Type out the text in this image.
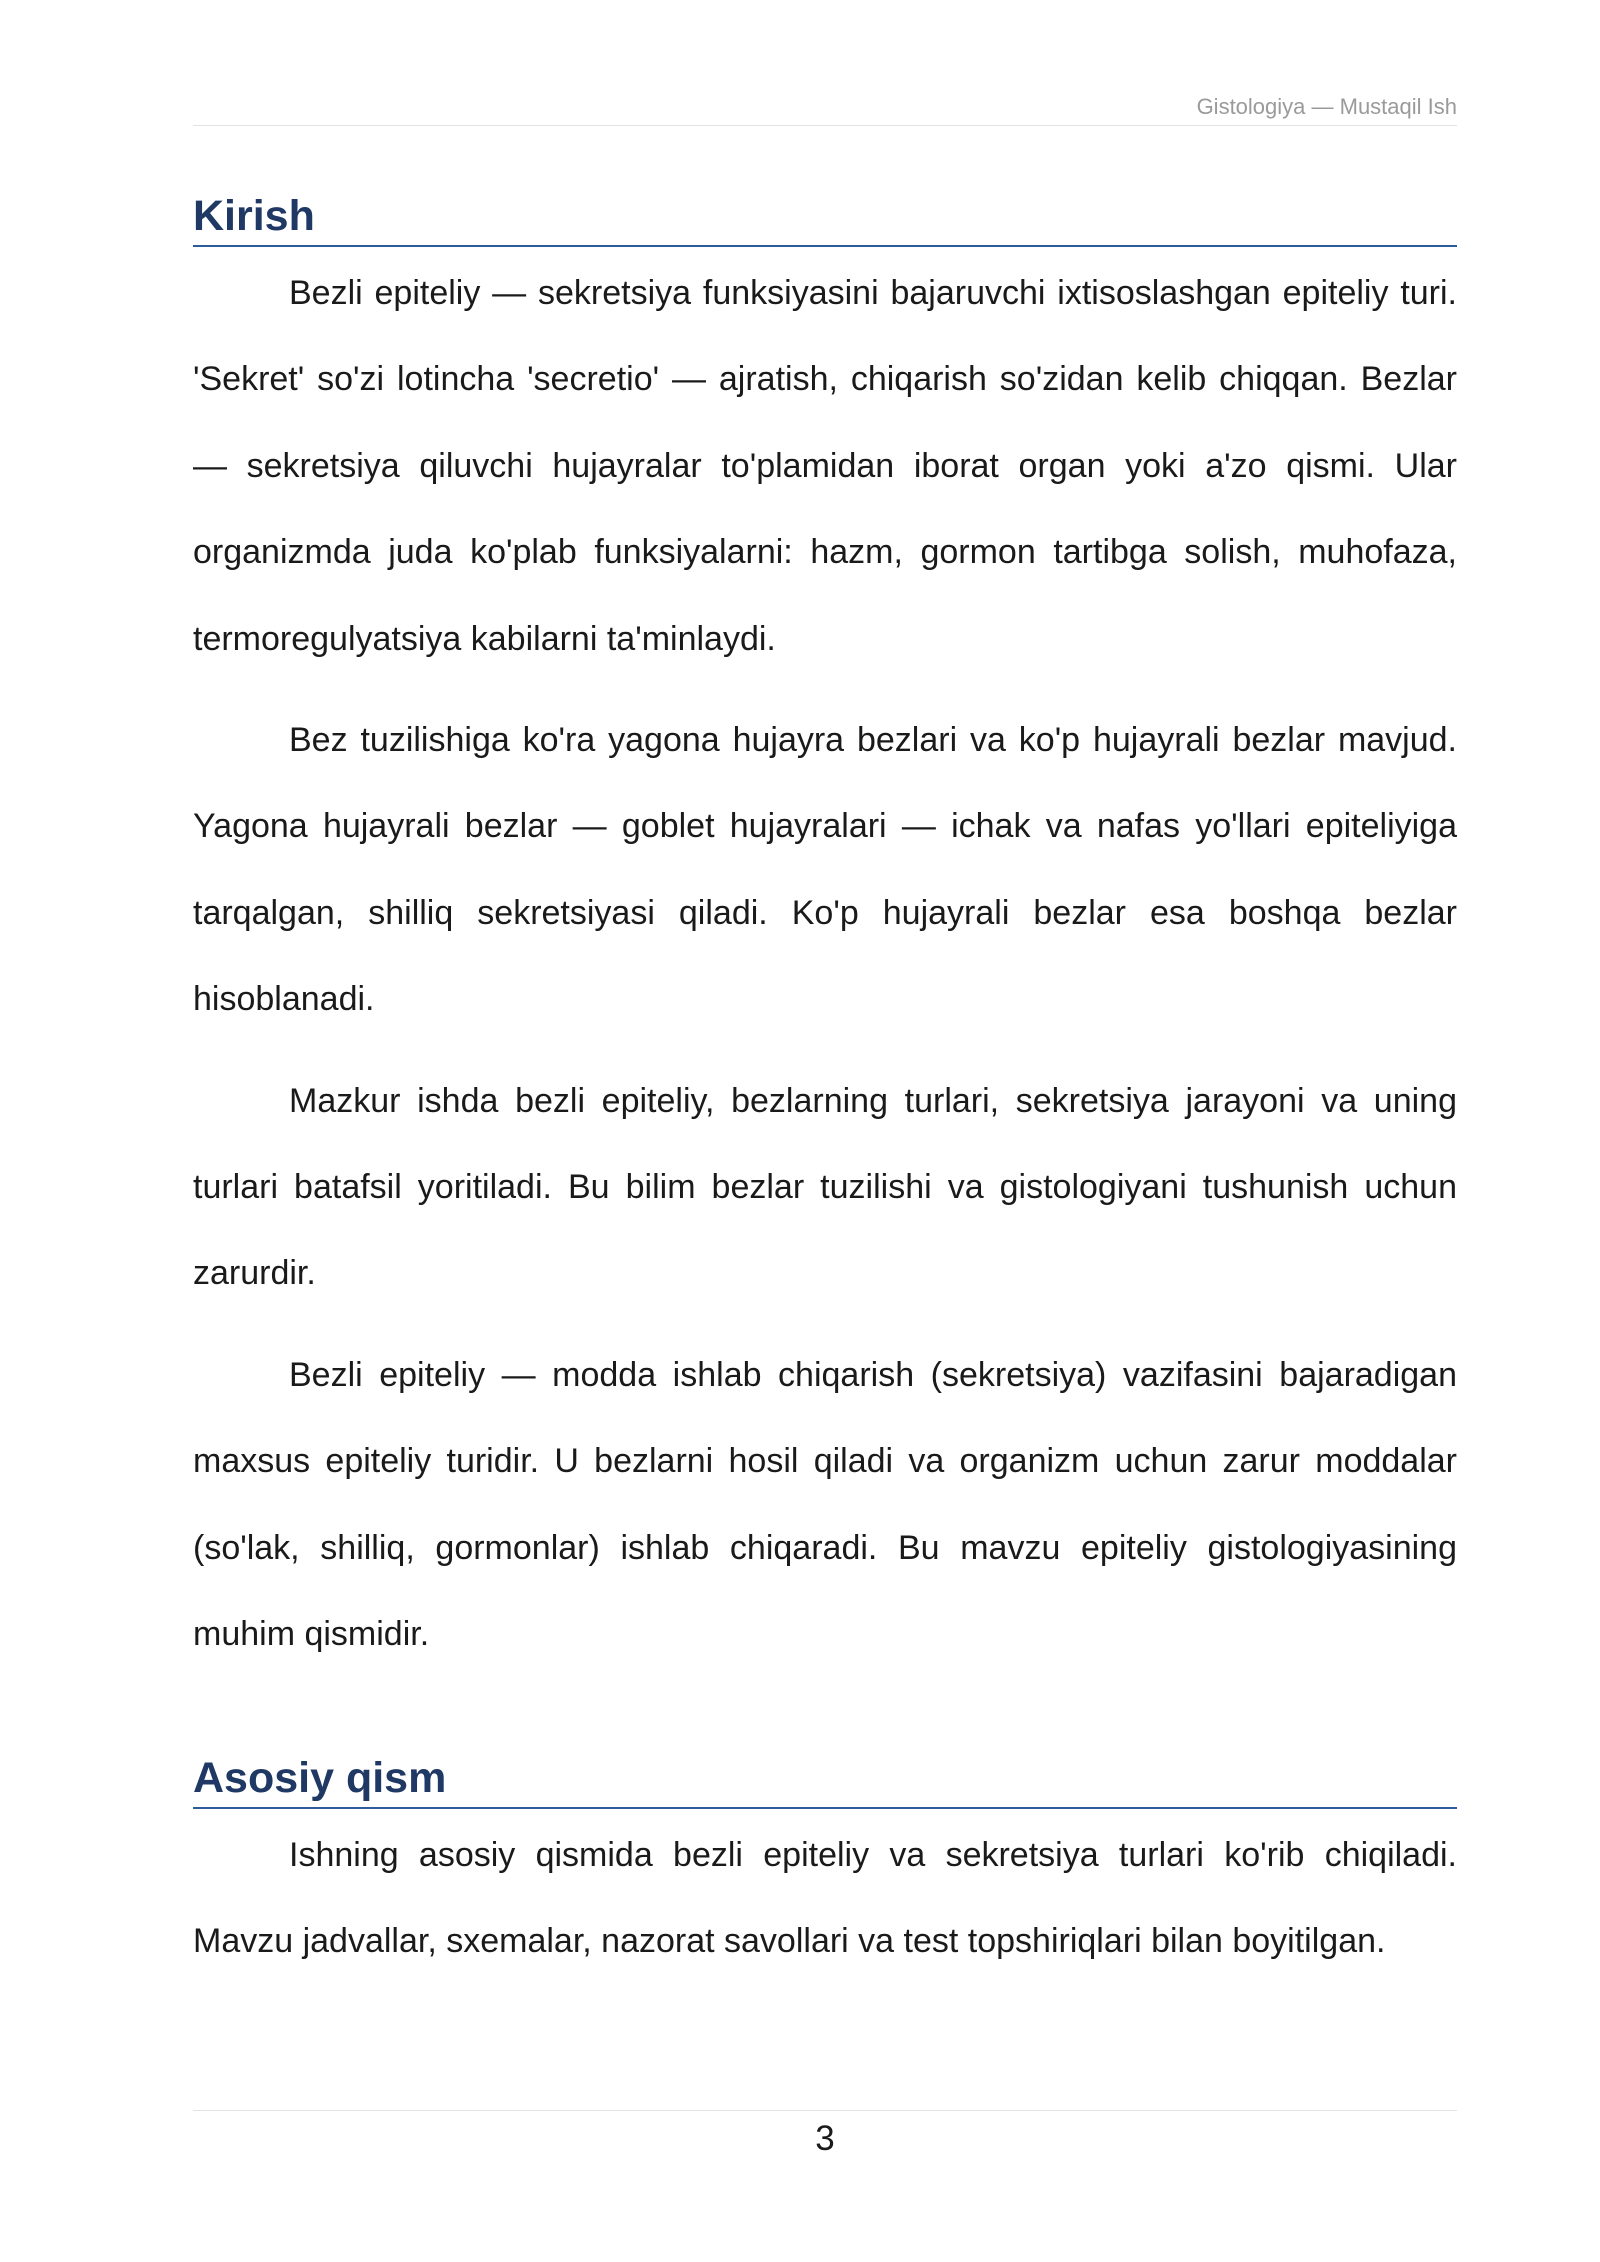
Gistologiya — Mustaqil Ish
Kirish

Bezli epiteliy — sekretsiya funksiyasini bajaruvchi ixtisoslashgan epiteliy turi. 'Sekret' so'zi lotincha 'secretio' — ajratish, chiqarish so'zidan kelib chiqqan. Bezlar — sekretsiya qiluvchi hujayralar to'plamidan iborat organ yoki a'zo qismi. Ular organizmda juda ko'plab funksiyalarni: hazm, gormon tartibga solish, muhofaza, termoregulyatsiya kabilarni ta'minlaydi.

Bez tuzilishiga ko'ra yagona hujayra bezlari va ko'p hujayrali bezlar mavjud. Yagona hujayrali bezlar — goblet hujayralari — ichak va nafas yo'llari epiteliyiga tarqalgan, shilliq sekretsiyasi qiladi. Ko'p hujayrali bezlar esa boshqa bezlar hisoblanadi.

Mazkur ishda bezli epiteliy, bezlarning turlari, sekretsiya jarayoni va uning turlari batafsil yoritiladi. Bu bilim bezlar tuzilishi va gistologiyani tushunish uchun zarurdir.

Bezli epiteliy — modda ishlab chiqarish (sekretsiya) vazifasini bajaradigan maxsus epiteliy turidir. U bezlarni hosil qiladi va organizm uchun zarur moddalar (so'lak, shilliq, gormonlar) ishlab chiqaradi. Bu mavzu epiteliy gistologiyasining muhim qismidir.

Asosiy qism

Ishning asosiy qismida bezli epiteliy va sekretsiya turlari ko'rib chiqiladi. Mavzu jadvallar, sxemalar, nazorat savollari va test topshiriqlari bilan boyitilgan.

3
